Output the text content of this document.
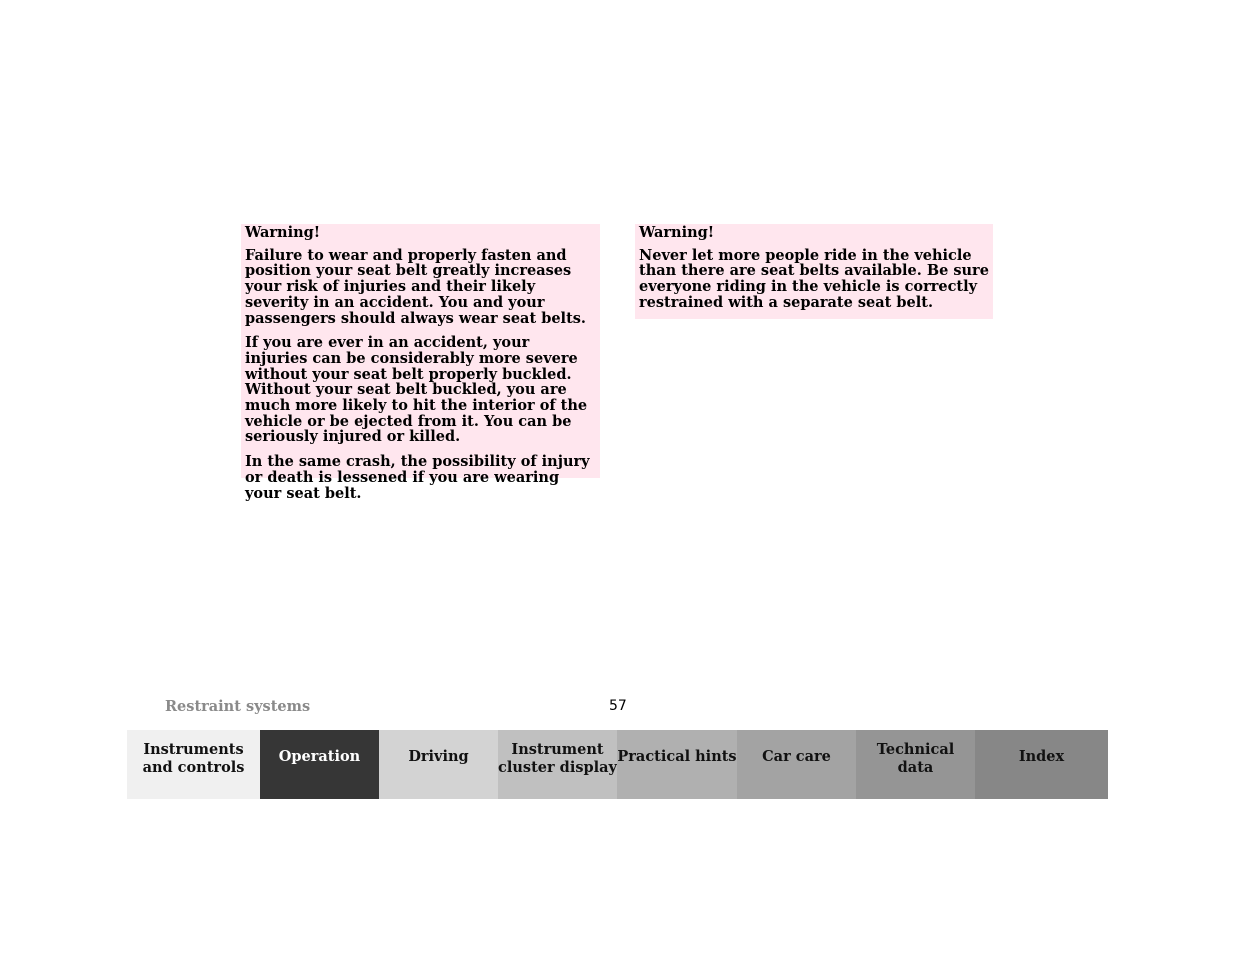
Warning!

Failure to wear and properly fasten and position your seat belt greatly increases your risk of injuries and their likely severity in an accident. You and your passengers should always wear seat belts.

If you are ever in an accident, your injuries can be considerably more severe without your seat belt properly buckled. Without your seat belt buckled, you are much more likely to hit the interior of the vehicle or be ejected from it. You can be seriously injured or killed.

In the same crash, the possibility of injury or death is lessened if you are wearing your seat belt.

Warning!

Never let more people ride in the vehicle than there are seat belts available. Be sure everyone riding in the vehicle is correctly restrained with a separate seat belt.

Restraint systems	57
Instruments
and controls
Operation	Driving	Instrument
cluster display
Practical hints	Car care	Technical
data
Index
